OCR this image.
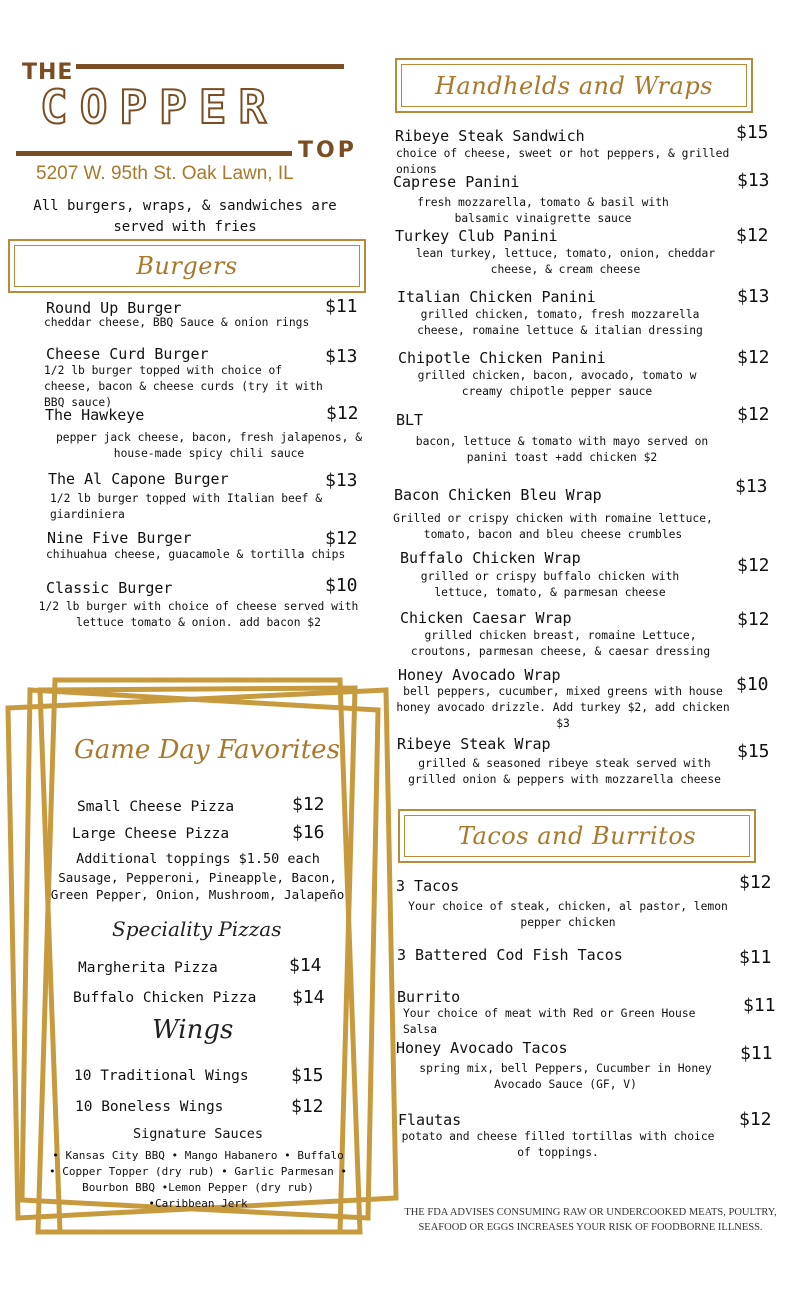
THE
COPPER
TOP
5207 W. 95th St. Oak Lawn, IL
All burgers, wraps, & sandwiches are served with fries
Burgers
Round Up Burger	$11
cheddar cheese, BBQ Sauce & onion rings
Cheese Curd Burger	$13
1/2 lb burger topped with choice of cheese, bacon & cheese curds (try it with BBQ sauce)
The Hawkeye	$12
pepper jack cheese, bacon, fresh jalapenos, & house-made spicy chili sauce
The Al Capone Burger	$13
1/2 lb burger topped with Italian beef & giardiniera
Nine Five Burger	$12
chihuahua cheese, guacamole & tortilla chips
Classic Burger	$10
1/2 lb burger with choice of cheese served with lettuce tomato & onion. add bacon $2
Game Day Favorites
Small Cheese Pizza	$12
Large Cheese Pizza	$16
Additional toppings $1.50 each
Sausage, Pepperoni, Pineapple, Bacon, Green Pepper, Onion, Mushroom, Jalapeño
Speciality Pizzas
Margherita Pizza	$14
Buffalo Chicken Pizza $14
Wings
10 Traditional Wings $15
10 Boneless Wings	$12
Signature Sauces
• Kansas City BBQ • Mango Habanero • Buffalo • Copper Topper (dry rub) • Garlic Parmesan • Bourbon BBQ •Lemon Pepper (dry rub) •Caribbean Jerk
Handhelds and Wraps
Ribeye Steak Sandwich	$15
choice of cheese, sweet or hot peppers, & grilled onions
Caprese Panini	$13
fresh mozzarella, tomato & basil with balsamic vinaigrette sauce
Turkey Club Panini	$12
lean turkey, lettuce, tomato, onion, cheddar cheese, & cream cheese
Italian Chicken Panini	$13
grilled chicken, tomato, fresh mozzarella cheese, romaine lettuce & italian dressing
Chipotle Chicken Panini	$12
grilled chicken, bacon, avocado, tomato w creamy chipotle pepper sauce
BLT	$12
bacon, lettuce & tomato with mayo served on panini toast +add chicken $2
Bacon Chicken Bleu Wrap	$13
Grilled or crispy chicken with romaine lettuce, tomato, bacon and bleu cheese crumbles
Buffalo Chicken Wrap	$12
grilled or crispy buffalo chicken with lettuce, tomato, & parmesan cheese
Chicken Caesar Wrap	$12
grilled chicken breast, romaine Lettuce, croutons, parmesan cheese, & caesar dressing
Honey Avocado Wrap	$10
bell peppers, cucumber, mixed greens with house honey avocado drizzle. Add turkey $2, add chicken $3
Ribeye Steak Wrap	$15
grilled & seasoned ribeye steak served with grilled onion & peppers with mozzarella cheese
Tacos and Burritos
3 Tacos	$12
Your choice of steak, chicken, al pastor, lemon pepper chicken
3 Battered Cod Fish Tacos	$11
Burrito	$11
Your choice of meat with Red or Green House Salsa
Honey Avocado Tacos	$11
spring mix, bell Peppers, Cucumber in Honey Avocado Sauce (GF, V)
Flautas	$12
potato and cheese filled tortillas with choice of toppings.
THE FDA ADVISES CONSUMING RAW OR UNDERCOOKED MEATS, POULTRY, SEAFOOD OR EGGS INCREASES YOUR RISK OF FOODBORNE ILLNESS.
